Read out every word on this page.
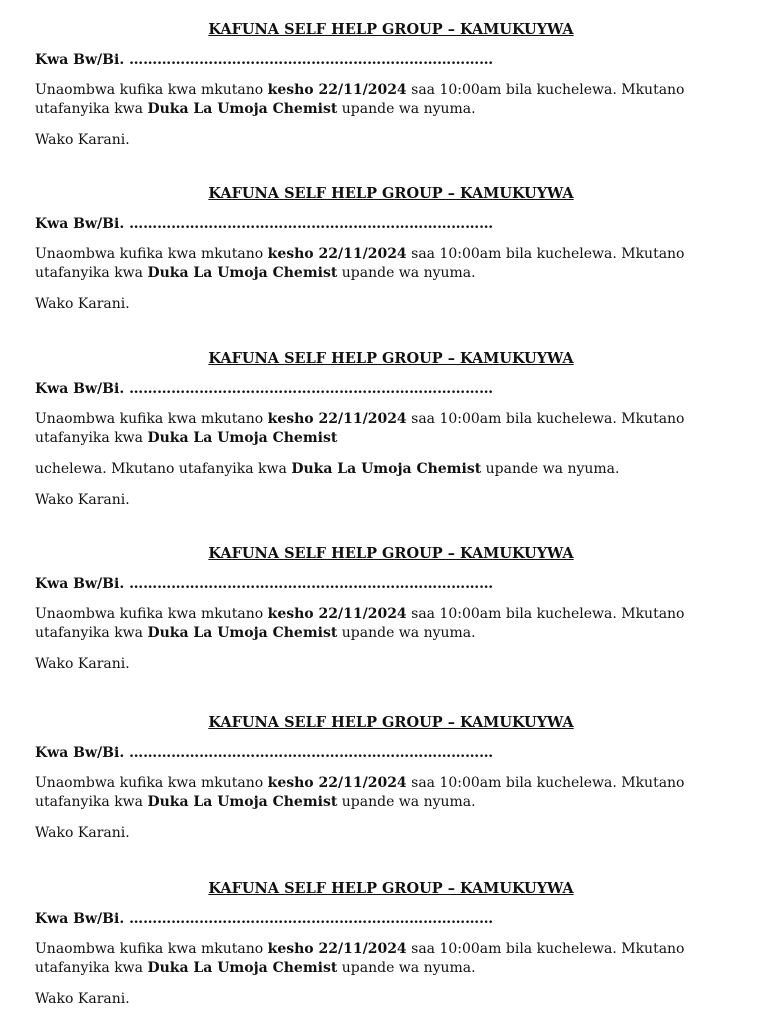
KAFUNA SELF HELP GROUP – KAMUKUYWA

Kwa Bw/Bi. ……………………………………………………………………
Unaombwa kufika kwa mkutano kesho 22/11/2024 saa 10:00am bila kuchelewa. Mkutano utafanyika kwa Duka La Umoja Chemist upande wa nyuma.
Wako Karani.

KAFUNA SELF HELP GROUP – KAMUKUYWA

Kwa Bw/Bi. ……………………………………………………………………
Unaombwa kufika kwa mkutano kesho 22/11/2024 saa 10:00am bila kuchelewa. Mkutano utafanyika kwa Duka La Umoja Chemist upande wa nyuma.
Wako Karani.

KAFUNA SELF HELP GROUP – KAMUKUYWA

Kwa Bw/Bi. ……………………………………………………………………
Unaombwa kufika kwa mkutano kesho 22/11/2024 saa 10:00am bila kuchelewa. Mkutano utafanyika kwa Duka La Umoja Chemist
uchelewa. Mkutano utafanyika kwa Duka La Umoja Chemist upande wa nyuma.
Wako Karani.

KAFUNA SELF HELP GROUP – KAMUKUYWA

Kwa Bw/Bi. ……………………………………………………………………
Unaombwa kufika kwa mkutano kesho 22/11/2024 saa 10:00am bila kuchelewa. Mkutano utafanyika kwa Duka La Umoja Chemist upande wa nyuma.
Wako Karani.

KAFUNA SELF HELP GROUP – KAMUKUYWA

Kwa Bw/Bi. ……………………………………………………………………
Unaombwa kufika kwa mkutano kesho 22/11/2024 saa 10:00am bila kuchelewa. Mkutano utafanyika kwa Duka La Umoja Chemist upande wa nyuma.
Wako Karani.

KAFUNA SELF HELP GROUP – KAMUKUYWA

Kwa Bw/Bi. ……………………………………………………………………
Unaombwa kufika kwa mkutano kesho 22/11/2024 saa 10:00am bila kuchelewa. Mkutano utafanyika kwa Duka La Umoja Chemist upande wa nyuma.
Wako Karani.
